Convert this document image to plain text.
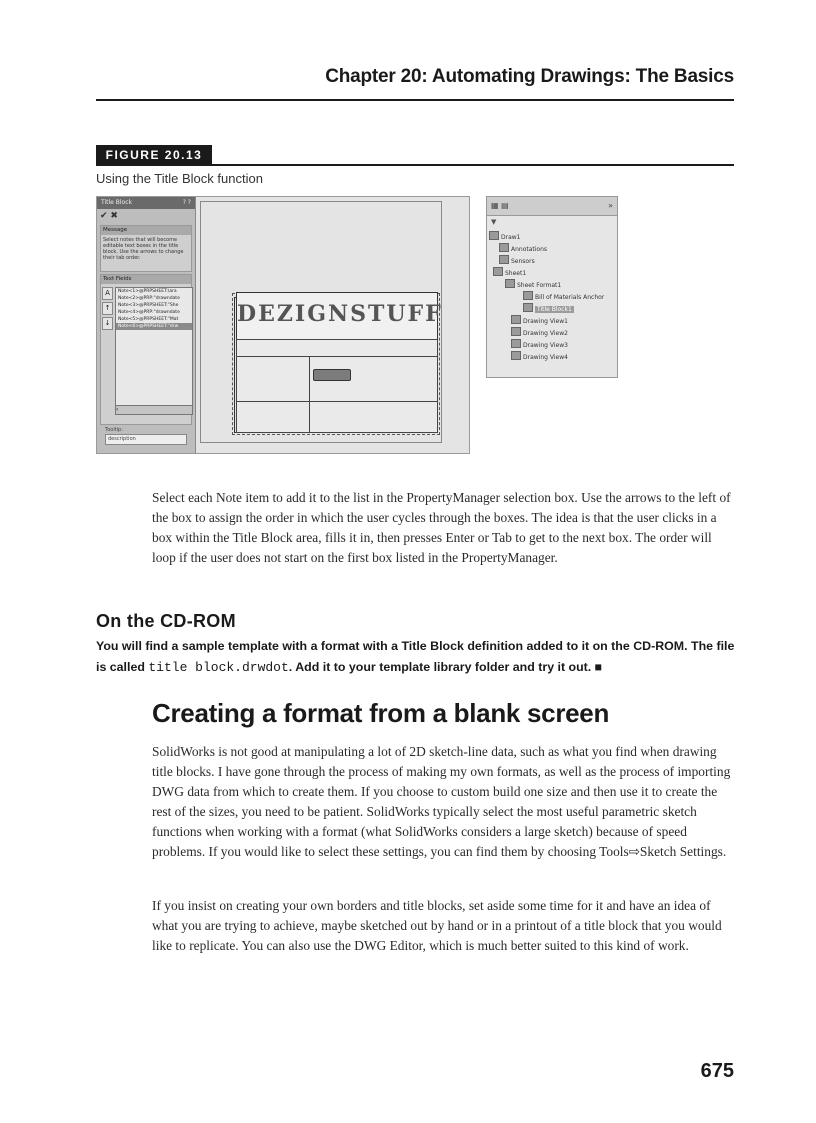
Chapter 20: Automating Drawings: The Basics
FIGURE 20.13
Using the Title Block function
Title Block	? ?
✔ ✖
Message
Select notes that will become editable text boxes in the title block. Use the arrows to change their tab order.
Text Fields
A
↑
↓
Note<1>@PRPSHEET:\ara
Note<2>@PRP:"drawndate
Note<3>@PRPSHEET:"She
Note<4>@PRP:"drawndate
Note<5>@PRPSHEET:"Mat
Note<6>@PRPSHEET:"drw
‹
Tooltip:
description
DEZIGNSTUFF
▦ ▤	»
▼
Draw1
Annotations
Sensors
Sheet1
Sheet Format1
Bill of Materials Anchor
Title Block1
Drawing View1
Drawing View2
Drawing View3
Drawing View4

Select each Note item to add it to the list in the PropertyManager selection box. Use the arrows to the left of the box to assign the order in which the user cycles through the boxes. The idea is that the user clicks in a box within the Title Block area, fills it in, then presses Enter or Tab to get to the next box. The order will loop if the user does not start on the first box listed in the PropertyManager.

On the CD-ROM

You will find a sample template with a format with a Title Block definition added to it on the CD-ROM. The file is called title block.drwdot. Add it to your template library folder and try it out. ■

Creating a format from a blank screen

SolidWorks is not good at manipulating a lot of 2D sketch-line data, such as what you find when drawing title blocks. I have gone through the process of making my own formats, as well as the process of importing DWG data from which to create them. If you choose to custom build one size and then use it to create the rest of the sizes, you need to be patient. SolidWorks typically select the most useful parametric sketch functions when working with a format (what SolidWorks considers a large sketch) because of speed problems. If you would like to select these settings, you can find them by choosing Tools⇨Sketch Settings.

If you insist on creating your own borders and title blocks, set aside some time for it and have an idea of what you are trying to achieve, maybe sketched out by hand or in a printout of a title block that you would like to replicate. You can also use the DWG Editor, which is much better suited to this kind of work.

675
